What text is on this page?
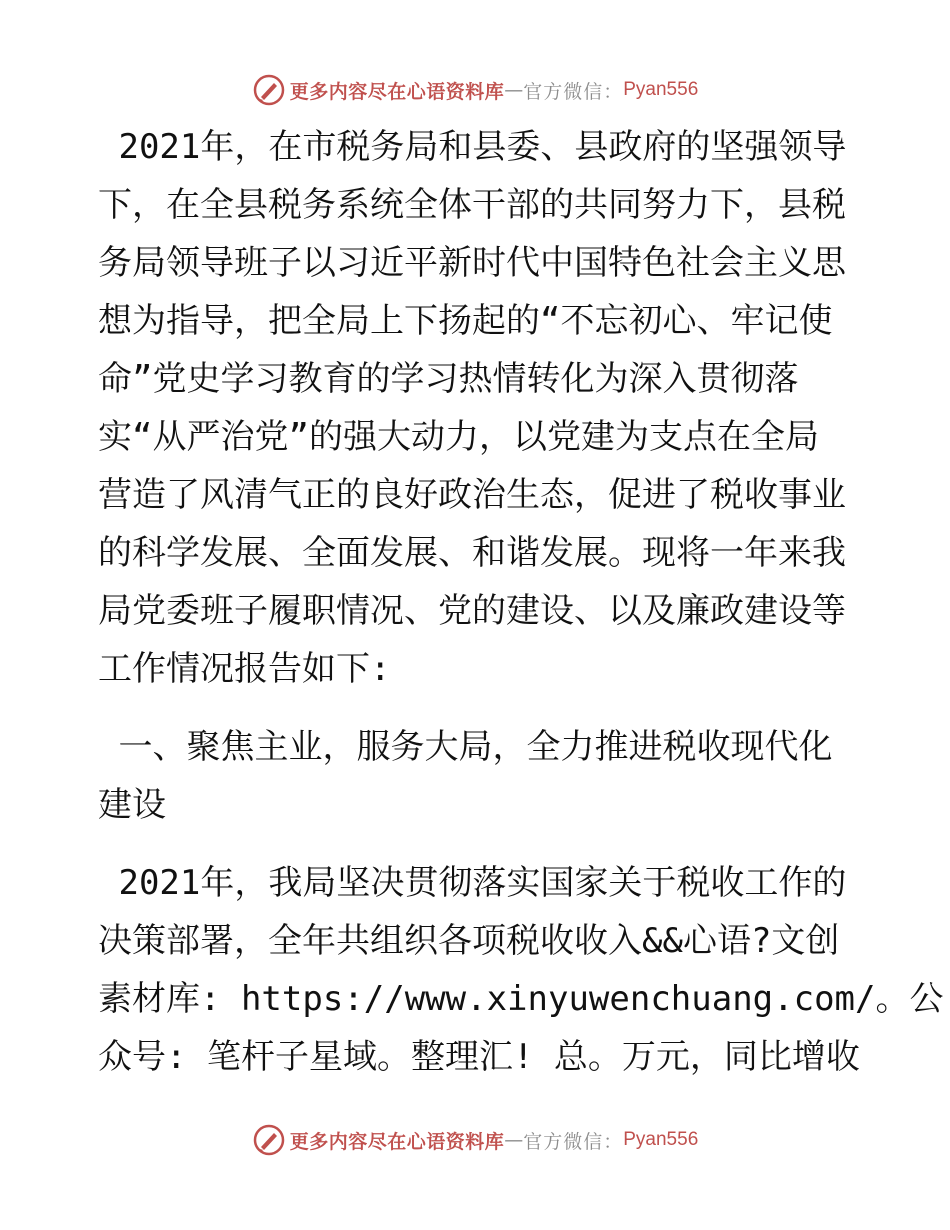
更多内容尽在心语资料库 — 官方微信： Pyan556

2021年，在市税务局和县委、县政府的坚强领导

下，在全县税务系统全体干部的共同努力下，县税

务局领导班子以习近平新时代中国特色社会主义思

想为指导，把全局上下扬起的“不忘初心、牢记使

命”党史学习教育的学习热情转化为深入贯彻落

实“从严治党”的强大动力，以党建为支点在全局

营造了风清气正的良好政治生态，促进了税收事业

的科学发展、全面发展、和谐发展。现将一年来我

局党委班子履职情况、党的建设、以及廉政建设等

工作情况报告如下:

一、聚焦主业，服务大局，全力推进税收现代化

建设

2021年，我局坚决贯彻落实国家关于税收工作的

决策部署，全年共组织各项税收收入&&心语?文创

素材库: https://www.xinyuwenchuang.com/。公

众号: 笔杆子星域。整理汇! 总。万元，同比增收

更多内容尽在心语资料库 — 官方微信： Pyan556
